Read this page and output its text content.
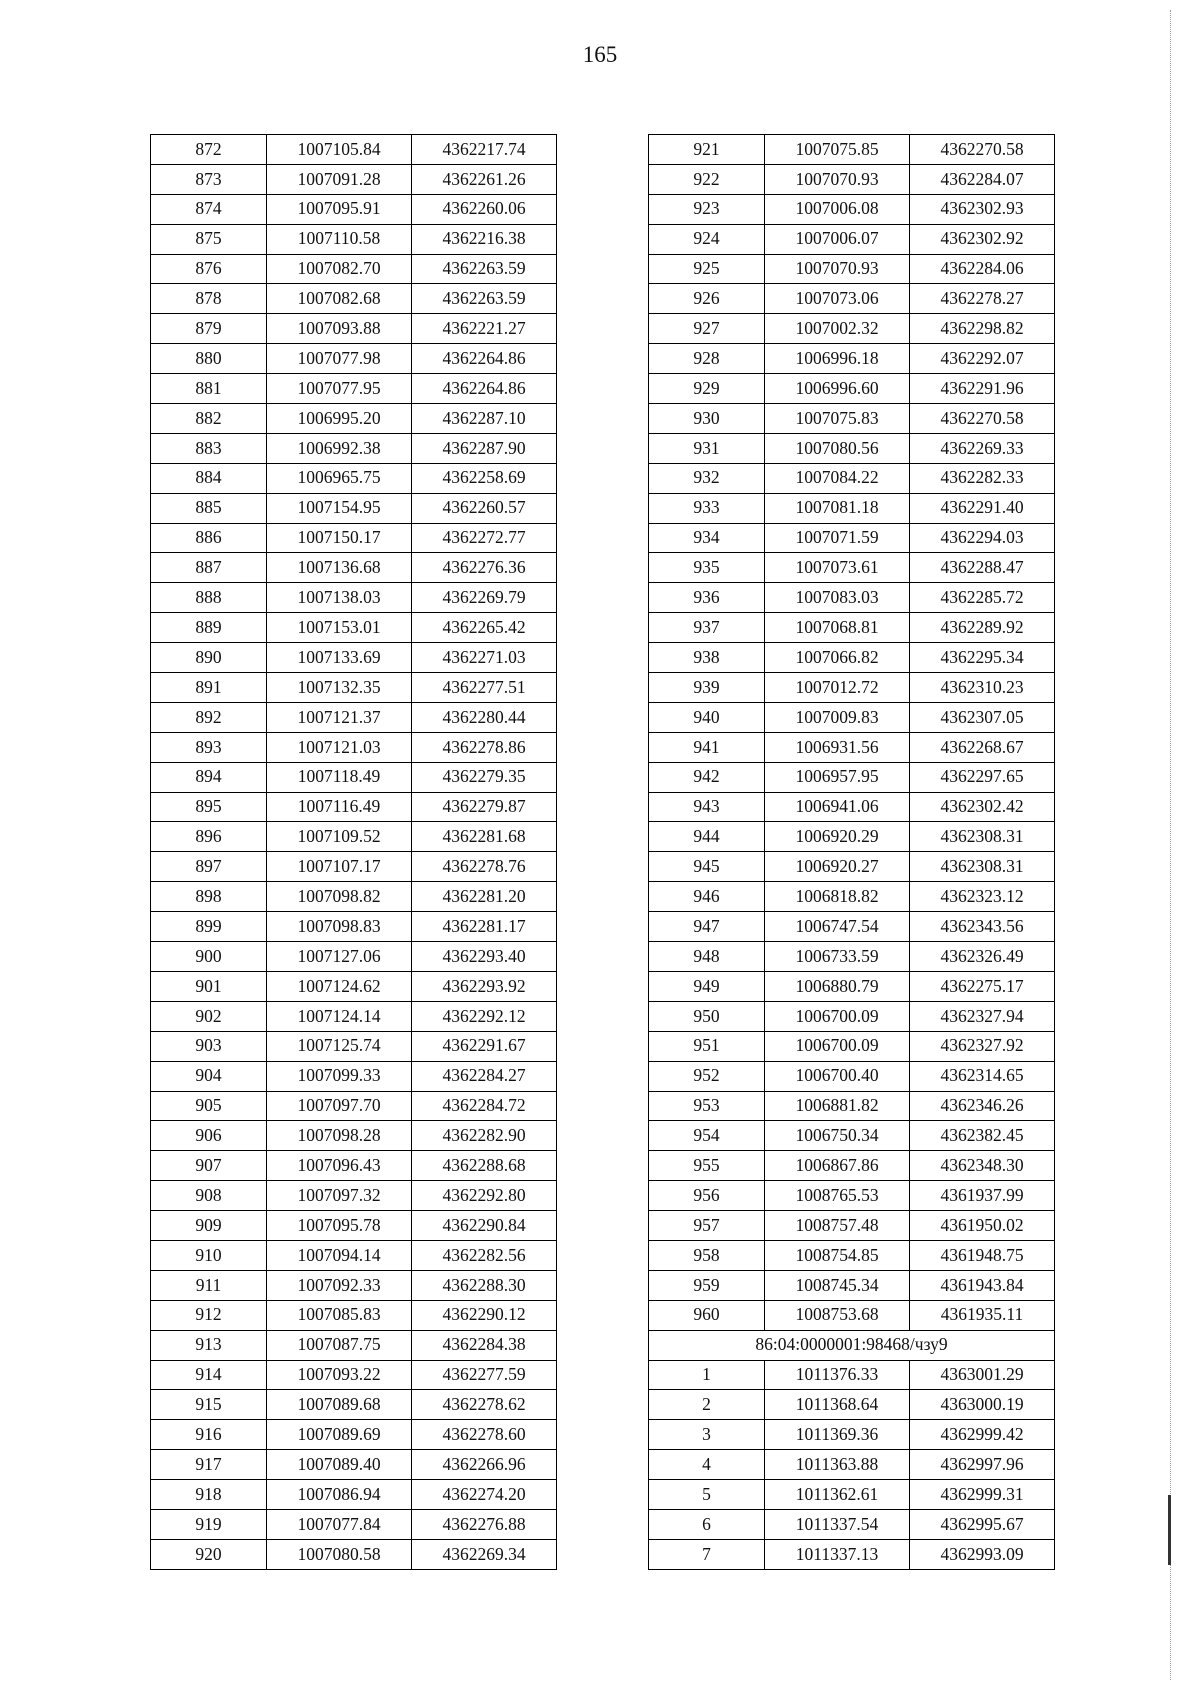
165
872	1007105.84	4362217.74
873	1007091.28	4362261.26
874	1007095.91	4362260.06
875	1007110.58	4362216.38
876	1007082.70	4362263.59
878	1007082.68	4362263.59
879	1007093.88	4362221.27
880	1007077.98	4362264.86
881	1007077.95	4362264.86
882	1006995.20	4362287.10
883	1006992.38	4362287.90
884	1006965.75	4362258.69
885	1007154.95	4362260.57
886	1007150.17	4362272.77
887	1007136.68	4362276.36
888	1007138.03	4362269.79
889	1007153.01	4362265.42
890	1007133.69	4362271.03
891	1007132.35	4362277.51
892	1007121.37	4362280.44
893	1007121.03	4362278.86
894	1007118.49	4362279.35
895	1007116.49	4362279.87
896	1007109.52	4362281.68
897	1007107.17	4362278.76
898	1007098.82	4362281.20
899	1007098.83	4362281.17
900	1007127.06	4362293.40
901	1007124.62	4362293.92
902	1007124.14	4362292.12
903	1007125.74	4362291.67
904	1007099.33	4362284.27
905	1007097.70	4362284.72
906	1007098.28	4362282.90
907	1007096.43	4362288.68
908	1007097.32	4362292.80
909	1007095.78	4362290.84
910	1007094.14	4362282.56
911	1007092.33	4362288.30
912	1007085.83	4362290.12
913	1007087.75	4362284.38
914	1007093.22	4362277.59
915	1007089.68	4362278.62
916	1007089.69	4362278.60
917	1007089.40	4362266.96
918	1007086.94	4362274.20
919	1007077.84	4362276.88
920	1007080.58	4362269.34
921	1007075.85	4362270.58
922	1007070.93	4362284.07
923	1007006.08	4362302.93
924	1007006.07	4362302.92
925	1007070.93	4362284.06
926	1007073.06	4362278.27
927	1007002.32	4362298.82
928	1006996.18	4362292.07
929	1006996.60	4362291.96
930	1007075.83	4362270.58
931	1007080.56	4362269.33
932	1007084.22	4362282.33
933	1007081.18	4362291.40
934	1007071.59	4362294.03
935	1007073.61	4362288.47
936	1007083.03	4362285.72
937	1007068.81	4362289.92
938	1007066.82	4362295.34
939	1007012.72	4362310.23
940	1007009.83	4362307.05
941	1006931.56	4362268.67
942	1006957.95	4362297.65
943	1006941.06	4362302.42
944	1006920.29	4362308.31
945	1006920.27	4362308.31
946	1006818.82	4362323.12
947	1006747.54	4362343.56
948	1006733.59	4362326.49
949	1006880.79	4362275.17
950	1006700.09	4362327.94
951	1006700.09	4362327.92
952	1006700.40	4362314.65
953	1006881.82	4362346.26
954	1006750.34	4362382.45
955	1006867.86	4362348.30
956	1008765.53	4361937.99
957	1008757.48	4361950.02
958	1008754.85	4361948.75
959	1008745.34	4361943.84
960	1008753.68	4361935.11
86:04:0000001:98468/чзу9		
1	1011376.33	4363001.29
2	1011368.64	4363000.19
3	1011369.36	4362999.42
4	1011363.88	4362997.96
5	1011362.61	4362999.31
6	1011337.54	4362995.67
7	1011337.13	4362993.09
